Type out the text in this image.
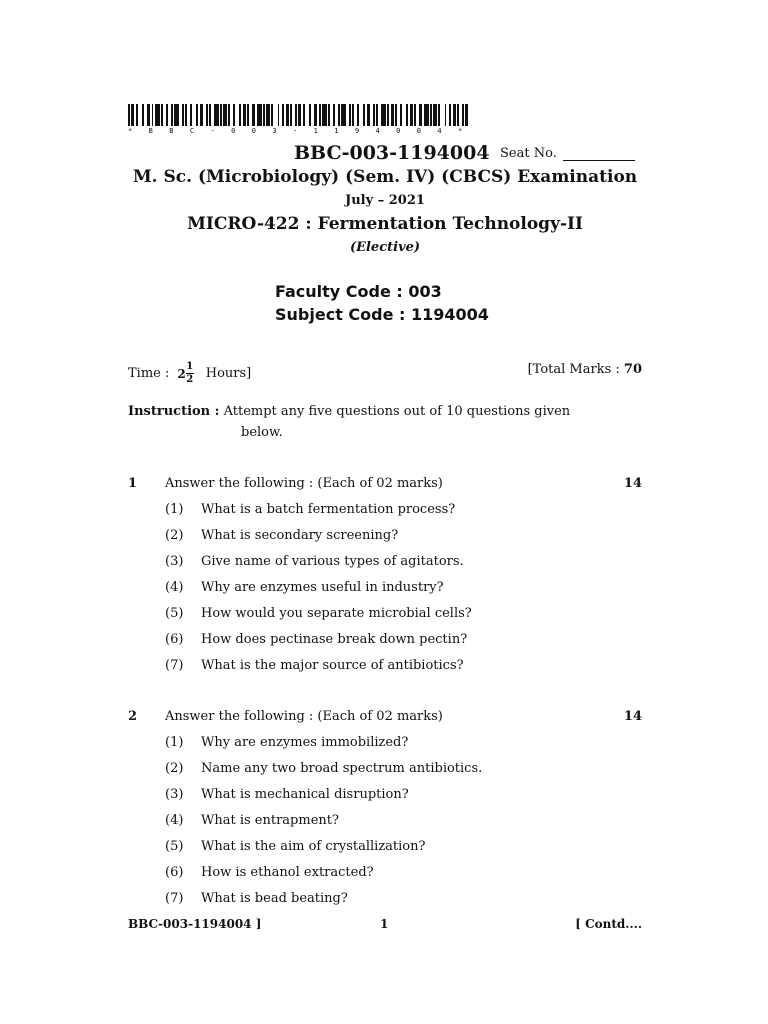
* B B C - 0 0 3 - 1 1 9 4 0 0 4 *
BBC-003-1194004 Seat No.
M. Sc. (Microbiology) (Sem. IV) (CBCS) Examination
July – 2021
MICRO-422 : Fermentation Technology-II
(Elective)
Faculty Code : 003
Subject Code : 1194004
Time : $2 \frac{1}{2}$ Hours]	[Total Marks : 70
Instruction : Attempt any five questions out of 10 questions given
below.
1 Answer the following : (Each of 02 marks)	14
(1) What is a batch fermentation process?
(2) What is secondary screening?
(3) Give name of various types of agitators.
(4) Why are enzymes useful in industry?
(5) How would you separate microbial cells?
(6) How does pectinase break down pectin?
(7) What is the major source of antibiotics?
2 Answer the following : (Each of 02 marks)	14
(1) Why are enzymes immobilized?
(2) Name any two broad spectrum antibiotics.
(3) What is mechanical disruption?
(4) What is entrapment?
(5) What is the aim of crystallization?
(6) How is ethanol extracted?
(7) What is bead beating?
BBC-003-1194004 ]	1	[ Contd....
